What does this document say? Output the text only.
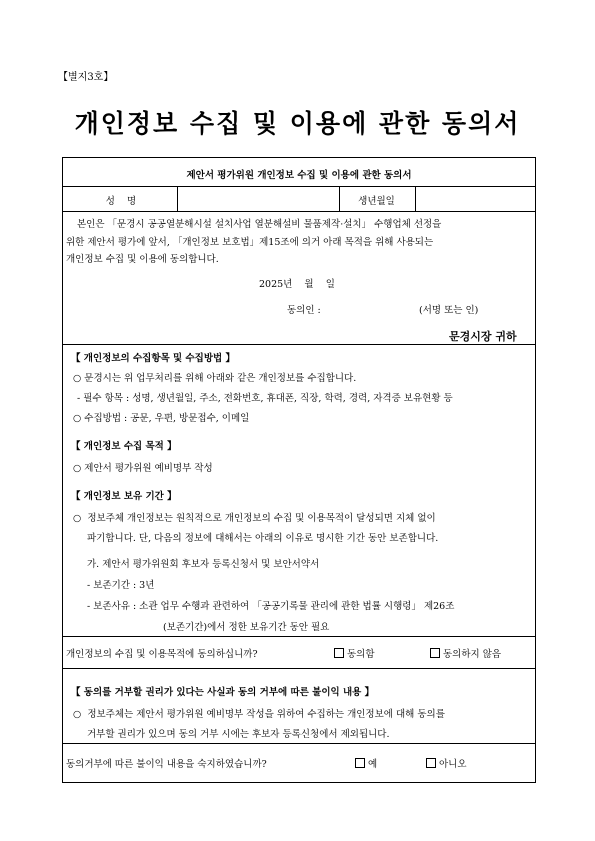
【별지3호】
개인정보 수집 및 이용에 관한 동의서
제안서 평가위원 개인정보 수집 및 이용에 관한 동의서
성    명	생년월일
본인은 「문경시 공공열분해시설 설치사업 열분해설비 물품제작·설치」 수행업체 선정을
위한 제안서 평가에 앞서, 「개인정보 보호법」제15조에 의거 아래 목적을 위해 사용되는
개인정보 수집 및 이용에 동의합니다.
2025년    월    일
동의인 :	(서명 또는 인)
문경시장 귀하
【 개인정보의 수집항목 및 수집방법 】
○ 문경시는 위 업무처리를 위해 아래와 같은 개인정보를 수집합니다.
- 필수 항목 : 성명, 생년월일, 주소, 전화번호, 휴대폰, 직장, 학력, 경력, 자격증 보유현황 등
○ 수집방법 : 공문, 우편, 방문접수, 이메일
【 개인정보 수집 목적 】
○ 제안서 평가위원 예비명부 작성
【 개인정보 보유 기간 】
○  정보주체 개인정보는 원칙적으로 개인정보의 수집 및 이용목적이 달성되면 지체 없이
파기합니다. 단, 다음의 정보에 대해서는 아래의 이유로 명시한 기간 동안 보존합니다.
가. 제안서 평가위원회 후보자 등록신청서 및 보안서약서
- 보존기간 : 3년
- 보존사유 : 소관 업무 수행과 관련하여 「공공기록물 관리에 관한 법률 시행령」 제26조
(보존기간)에서 정한 보유기간 동안 필요
개인정보의 수집 및 이용목적에 동의하십니까?	동의함	동의하지 않음
【 동의를 거부할 권리가 있다는 사실과 동의 거부에 따른 불이익 내용 】
○  정보주체는 제안서 평가위원 예비명부 작성을 위하여 수집하는 개인정보에 대해 동의를
거부할 권리가 있으며 동의 거부 시에는 후보자 등록신청에서 제외됩니다.
동의거부에 따른 불이익 내용을 숙지하였습니까?	예	아니오
